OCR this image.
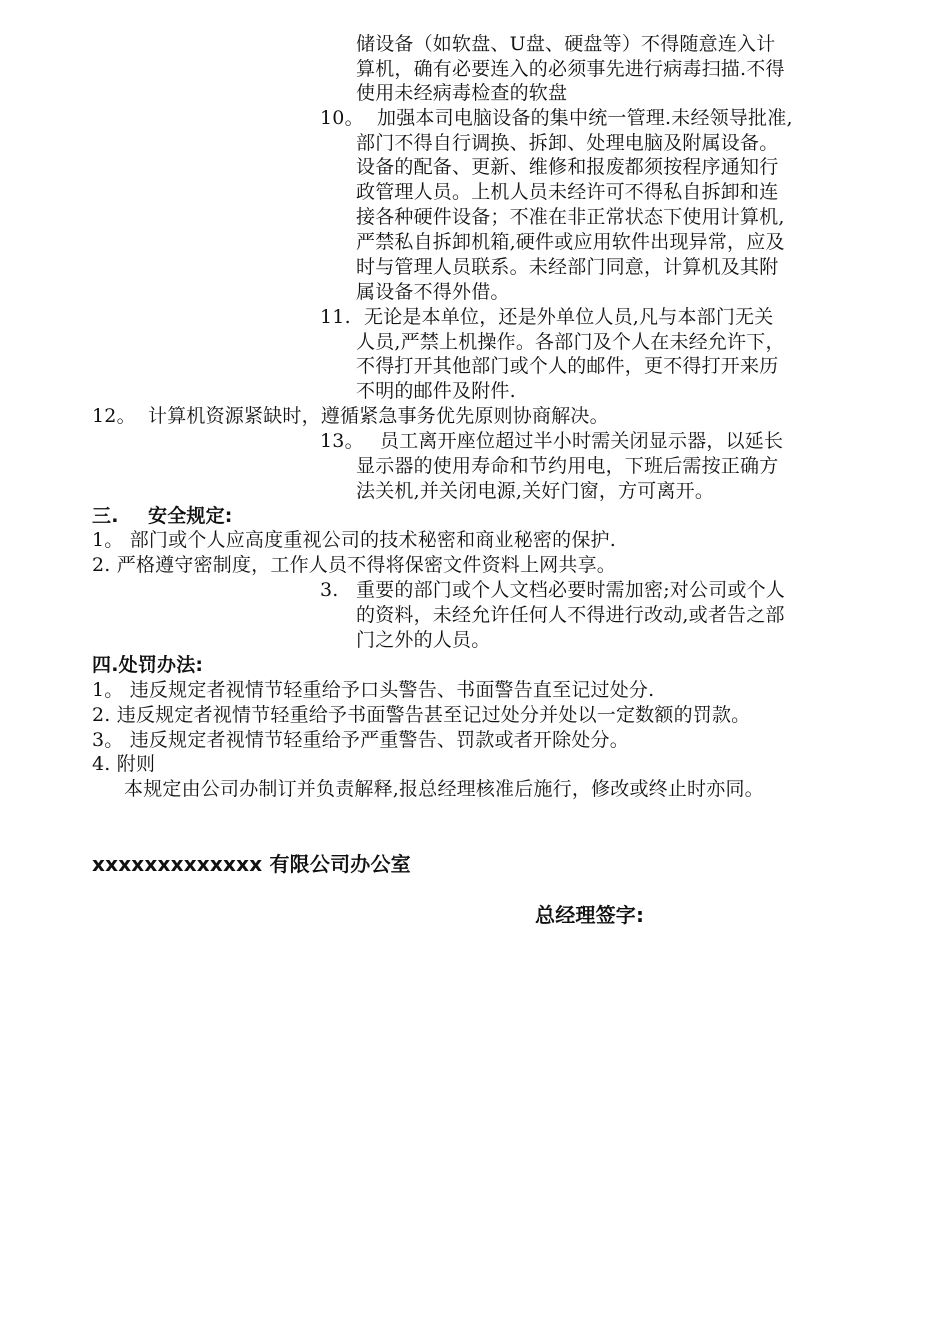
储设备（如软盘、U盘、硬盘等）不得随意连入计
算机，确有必要连入的必须事先进行病毒扫描.不得
使用未经病毒检查的软盘
10。 加强本司电脑设备的集中统一管理.未经领导批准,
部门不得自行调换、拆卸、处理电脑及附属设备。
设备的配备、更新、维修和报废都须按程序通知行
政管理人员。上机人员未经许可不得私自拆卸和连
接各种硬件设备；不准在非正常状态下使用计算机,
严禁私自拆卸机箱,硬件或应用软件出现异常，应及
时与管理人员联系。未经部门同意，计算机及其附
属设备不得外借。
11. 无论是本单位，还是外单位人员,凡与本部门无关
人员,严禁上机操作。各部门及个人在未经允许下，
不得打开其他部门或个人的邮件，更不得打开来历
不明的邮件及附件.
12。 计算机资源紧缺时，遵循紧急事务优先原则协商解决。
13。 员工离开座位超过半小时需关闭显示器，以延长
显示器的使用寿命和节约用电，下班后需按正确方
法关机,并关闭电源,关好门窗，方可离开。
三. 安全规定:
1。 部门或个人应高度重视公司的技术秘密和商业秘密的保护.
2. 严格遵守密制度，工作人员不得将保密文件资料上网共享。
3. 重要的部门或个人文档必要时需加密;对公司或个人
的资料，未经允许任何人不得进行改动,或者告之部
门之外的人员。
四.处罚办法:
1。 违反规定者视情节轻重给予口头警告、书面警告直至记过处分.
2. 违反规定者视情节轻重给予书面警告甚至记过处分并处以一定数额的罚款。
3。 违反规定者视情节轻重给予严重警告、罚款或者开除处分。
4. 附则
本规定由公司办制订并负责解释,报总经理核准后施行，修改或终止时亦同。
xxxxxxxxxxxxx 有限公司办公室
总经理签字:
